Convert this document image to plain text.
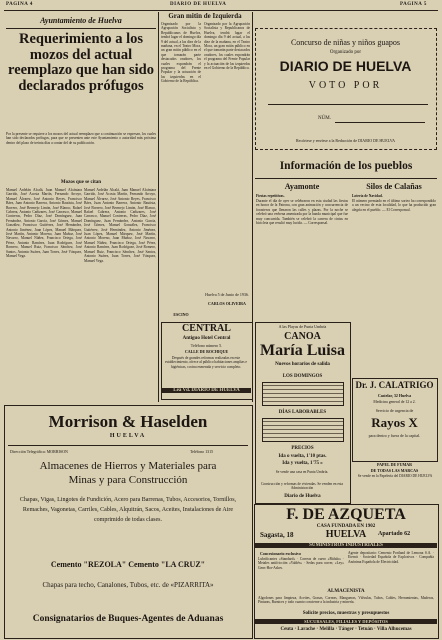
PAGINA 4	DIARIO DE HUELVA	PAGINA 5
Ayuntamiento de Huelva
Requerimiento a los mozos del actual reemplazo que han sido declarados prófugos
Por la presente se requiere a los mozos del actual reemplazo que a continuación se expresan, los cuales han sido declarados prófugos, para que se presenten ante este Ayuntamiento o autoridad más próxima dentro del plazo de treinta días a contar del de su publicación.
Mozos que se citan
Manuel Ardelán Alcalá, Juan Manuel Alcántara Garrido, José Acosta Martín, Fernando Arroyo, Manuel Álvarez, José Antonio Reyes, Francisco Báez, Juan Antonio Barrera, Antonio Bautista, José Borrero, José Bermejo Limón, José Blanco, Rafael Cabrera, Antonio Cañizares, José Carrasco, Manuel Contreras, Pedro Díaz, José Domínguez, Juan Fernández, Antonio García, José Gómez, Manuel González, Francisco Gutiérrez, José Hernández, Antonio Jiménez, Juan López, Manuel Márquez, José Martín, Antonio Moreno, Juan Muñoz, José Navarro, Manuel Núñez, Francisco Ortega, José Pérez, Antonio Ramírez, Juan Rodríguez, José Romero, Manuel Ruiz, Francisco Sánchez, José Santos, Antonio Suárez, Juan Torres, José Vázquez, Manuel Vega.
Manuel Ardelán Alcalá, Juan Manuel Alcántara Garrido, José Acosta Martín, Fernando Arroyo, Manuel Álvarez, José Antonio Reyes, Francisco Báez, Juan Antonio Barrera, Antonio Bautista, José Borrero, José Bermejo Limón, José Blanco, Rafael Cabrera, Antonio Cañizares, José Carrasco, Manuel Contreras, Pedro Díaz, José Domínguez, Juan Fernández, Antonio García, José Gómez, Manuel González, Francisco Gutiérrez, José Hernández, Antonio Jiménez, Juan López, Manuel Márquez, José Martín, Antonio Moreno, Juan Muñoz, José Navarro, Manuel Núñez, Francisco Ortega, José Pérez, Antonio Ramírez, Juan Rodríguez, José Romero, Manuel Ruiz, Francisco Sánchez, José Santos, Antonio Suárez, Juan Torres, José Vázquez, Manuel Vega.
Gran mitin de Izquierda
Organizado por la Agrupación Socialista y Republicanos de Huelva, tendrá lugar el domingo día 9 del actual, a las diez de la mañana, en el Teatro Mora, un gran mitin público en el que tomarán parte destacados oradores, los cuales expondrán el programa del Frente Popular y la actuación de las izquierdas en el Gobierno de la República.
Organizado por la Agrupación Socialista y Republicanos de Huelva, tendrá lugar el domingo día 9 del actual, a las diez de la mañana, en el Teatro Mora, un gran mitin público en el que tomarán parte destacados oradores, los cuales expondrán el programa del Frente Popular y la actuación de las izquierdas en el Gobierno de la República.
Huelva 5 de Junio de 1936.
CARLOS OLIVEIRA
ESCINO
CENTRAL
Antiguo Hotel Central
Teléfono número 5.
CALLE DE BOCHIQUE
Después de grandes reformas realizadas en este establecimiento, ofrece al público habitaciones amplias e higiénicas, cocina esmerada y servicio completo.
Lea Vd. DIARIO DE HUELVA
Concurso de niñas y niños guapos
Organizado por
DIARIO DE HUELVA
VOTO POR
NÚM.
Recórtese y envíese a la Redacción de DIARIO DE HUELVA
Información de los pueblos
Ayamonte
Fiestas repetitivas.
Durante el día de ayer se celebraron en esta ciudad las fiestas en honor de la Patrona, con gran animación y concurrencia de forasteros que llenaron las calles y plazas. Por la noche se celebró una verbena amenizada por la banda municipal que fue muy concurrida. También se celebró la carrera de cintas en bicicleta que resultó muy lucida. — Corresponsal.
Silos de Calañas
Lotería de Navidad.
El número premiado en el último sorteo ha correspondido a un vecino de esta localidad, lo que ha producido gran alegría en el pueblo. — El Corresponsal.
Dr. J. CALATRIGO
Castelar, 32 Huelva
Medicina general de 12 a 2.
Servicio de urgencia de
Rayos X
para dentro y fuera de la capital.
PAPEL DE FUMAR
DE TODAS LAS MARCAS
Se vende en la Papelería del DIARIO DE HUELVA
A las Playas de Punta Umbría
CANOA
María Luisa
Nuevos horarios de salida
LOS DOMINGOS
DÍAS LABORABLES
PRECIOS
Ida o vuelta, 1'10 ptas.
Ida y vuelta, 1'75 »
Se vende una casa en Punta Umbría.
Construcción y reformas de viviendas. Se venden en esta Administración
Diario de Huelva
Morrison & Haselden
HUELVA
Dirección Telegráfica: MORRISON	Teléfono 1315
Almacenes de Hierros y Materiales para
Minas y para Construcción
Chapas, Vigas, Lingotes de Fundición, Acero para Barrenas, Tubos, Accesorios, Tornillos, Remaches, Vagonetas, Carriles, Cables, Alquitrán, Sacos, Aceites, Instalaciones de Aire comprimido de todas clases.
Cemento "REZOLA" Cemento "LA CRUZ"
Chapas para techo, Canalones, Tubos, etc. de «PIZARRITA»
Consignatarios de Buques-Agentes de Aduanas
F. DE AZQUETA
CASA FUNDADA EN 1902
Sagasta, 18	HUELVA	Apartado 62
SUMINISTROS INDUSTRIALES
Concesionario exclusivo
Lubrificantes «Standard» · Correas de cuero «Búfalo» · Metales antifricción «Valdés» · Sedas para correr, «Ley» Gens-Hor-Askes.
Agente depositario: Cemento Portland de Lemona S.A. · Eternit · Sociedad Española de Explosivos · Compañía Anónima Española de Electricidad.
ALMACENISTA
Algodones para limpieza, Aceites, Grasas, Correas, Mangueras, Válvulas, Tubos, Cables, Herramientas, Maderas, Pinturas, Barnices y todo cuanto concierne a la industria y minería.
Solicite precios, muestras y presupuestos
SUCURSALES, FILIALES Y DEPÓSITOS
Ceuta · Larache · Melilla · Tánger · Tetuán · Villa Alhucemas
